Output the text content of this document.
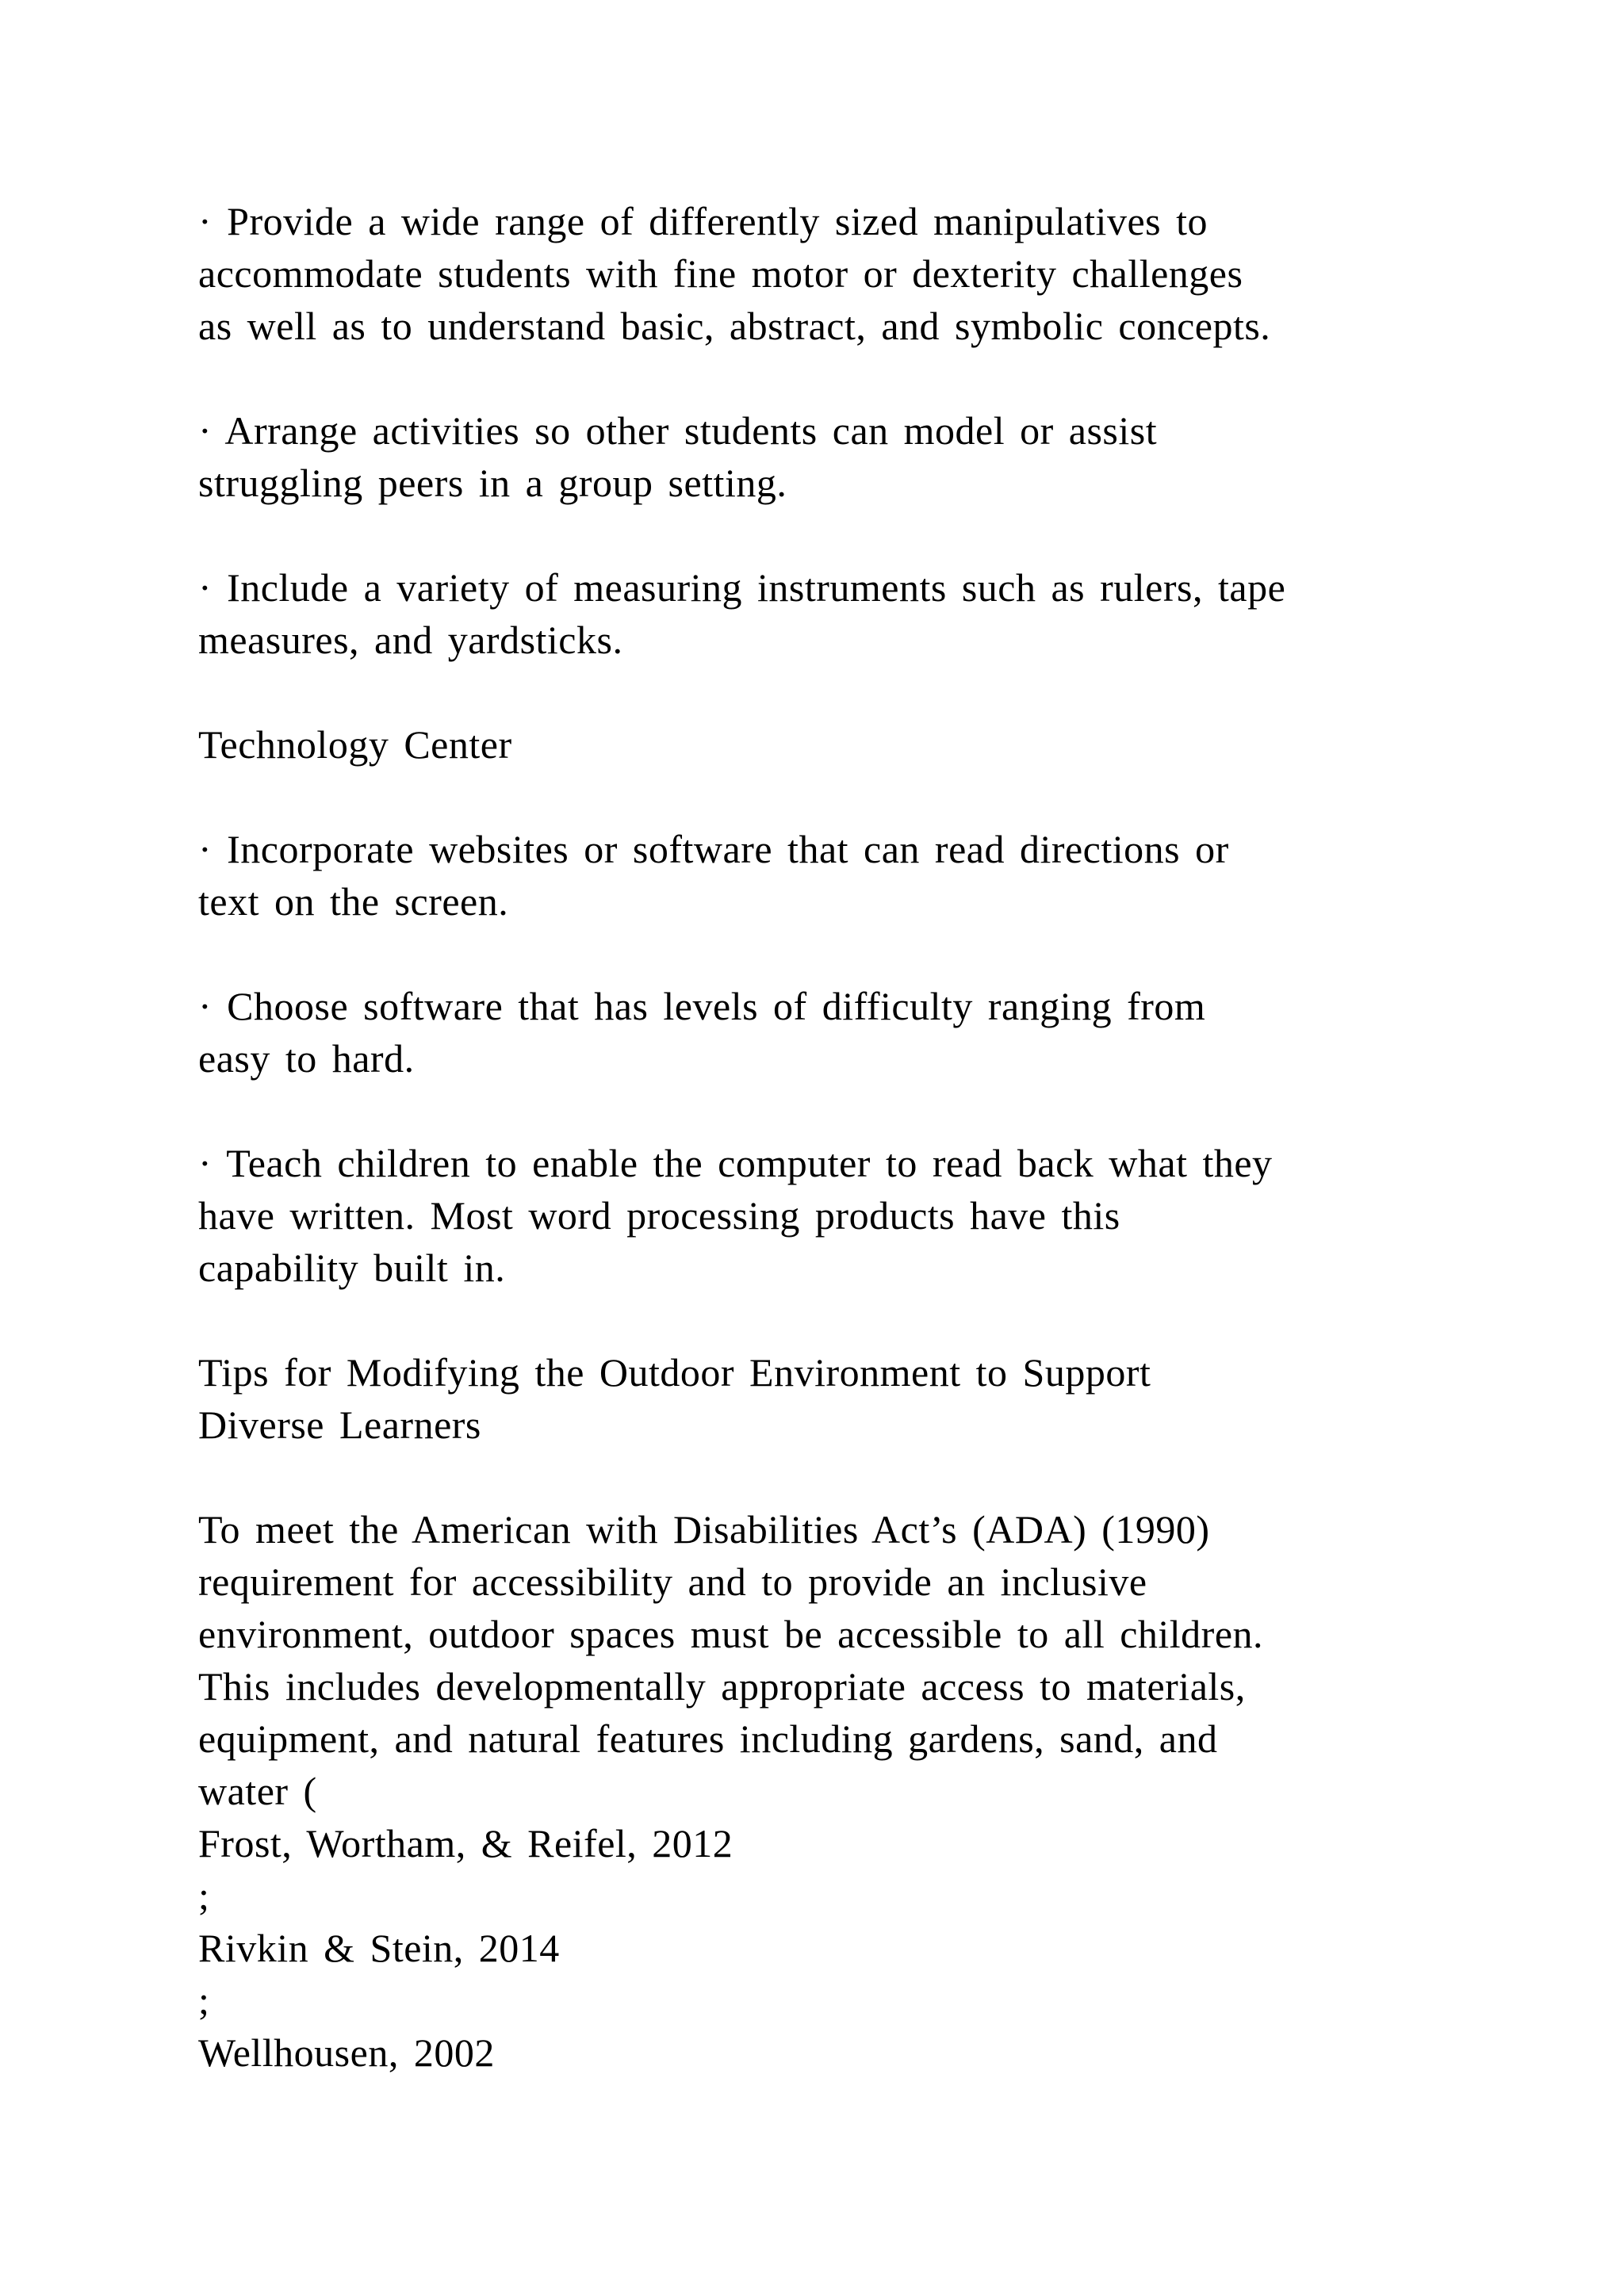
· Provide a wide range of differently sized manipulatives to
accommodate students with fine motor or dexterity challenges
as well as to understand basic, abstract, and symbolic concepts.
· Arrange activities so other students can model or assist
struggling peers in a group setting.
· Include a variety of measuring instruments such as rulers, tape
measures, and yardsticks.
Technology Center
· Incorporate websites or software that can read directions or
text on the screen.
· Choose software that has levels of difficulty ranging from
easy to hard.
· Teach children to enable the computer to read back what they
have written. Most word processing products have this
capability built in.
Tips for Modifying the Outdoor Environment to Support
Diverse Learners
To meet the American with Disabilities Act’s (ADA) (1990)
requirement for accessibility and to provide an inclusive
environment, outdoor spaces must be accessible to all children.
This includes developmentally appropriate access to materials,
equipment, and natural features including gardens, sand, and
water (
Frost, Wortham, & Reifel, 2012
;
Rivkin & Stein, 2014
;
Wellhousen, 2002
